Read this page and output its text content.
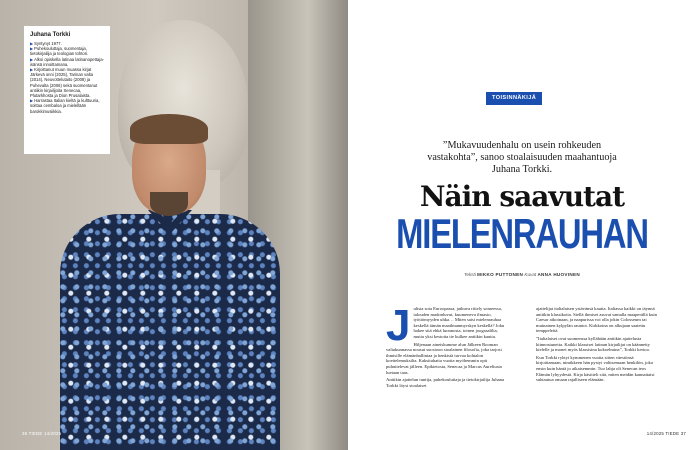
Juhana Torkki

▶Syntynyt 1977.

▶Puhekouluttaja, suomentaja, tietokirjailija ja teologian tohtori.

▶Alkoi opiskella latinaa latinanopettaja-isänsä innoittamana.

▶Kirjoittanut muun muassa kirjat Järkevä onni (2025), Tarinan valta (2014), Neuvottelutaito (2008) ja Puhevalta (2006) sekä suomentanut antiikin kirjailijoita Senecaa, Plutarkhosta ja Dion Prusalaista.

▶Harrastaa Italian kieltä ja kulttuuria, soittaa cembaloa ja mielellään barokkimusiikkia.

38 TIEDE 14/2025
TOISINNÄKIJÄ
”Mukavuudenhalu on usein rohkeuden vastakohta”, sanoo stoalaisuuden maahantuoja Juhana Torkki.
Näin saavutat
MIELENRAUHAN
Teksti MIKKO PUTTONEN Kuvat ANNA HUOVINEN
J ulista sota Euroopassa, jatkuva riitely someessa, talouden madonluvut, kuumeneva ilmasto, työttömyyden uhka… Miten saisi mielenrauhaa keskellä tämän maailmanmyrskyn keskellä? Joku hakee sitä ehkä luonnosta, toinen joogasalilta, mutta yksi kestotta tie kulkee antiikin kautta.

Hiljenaan aineiskumme alun Jälkeen Rooman valtakunnassa nousut suosioon stoalainen filosofia, joka tarjosi ihmisille elämänhallintaa ja henkistä turvaa kohtalon koettelemuksilta. Kaksituhatta vuotta myöhemmin opit puhuttelevat jälleen. Epiktetosta, Senecaa ja Marcus Aureliusta luetaan taas.

Antiikin ajattelun tuntija, puhekouluttaja ja tietokirjailija Juhana Torkki löysi stoalaiset

ajattelijat italialaisen ystävänsä kautta. Italiassa kaikki on täynnä antiikin klassikoita. Siellä ihmiset asuvat samalla maaperällä kuin Caesar aikoinaan, ja naapurissa voi olla jokin Colosseum tai muinainen kylpylän rauniot. Kirkkoina on alkujaan saatettu temppeleitä.

”Italialaiset ovat suomenssa kyllähään antiikin ajattelusta kiinnostuneita. Kaikki klassiset latinan kirjailijat on käännetty kielelle ja monet myös klassisina kokoelmina”, Torkki kertoo.

Kun Torkki ryhtyi kymmenen vuotta sitten väestönsä kirjoittamaan, nimikkeen hän pystyi valitsemaan henkilön, joka ensin kuin häntä jo aikaisemmin. Tuo lahja oli Senecan teos Elämän lyhyydestä. Kirja käsitteli sitä, miten meidän kannattaisi suhtautua omaan rajalliseen elämään.

14/2025 TIEDE 37
